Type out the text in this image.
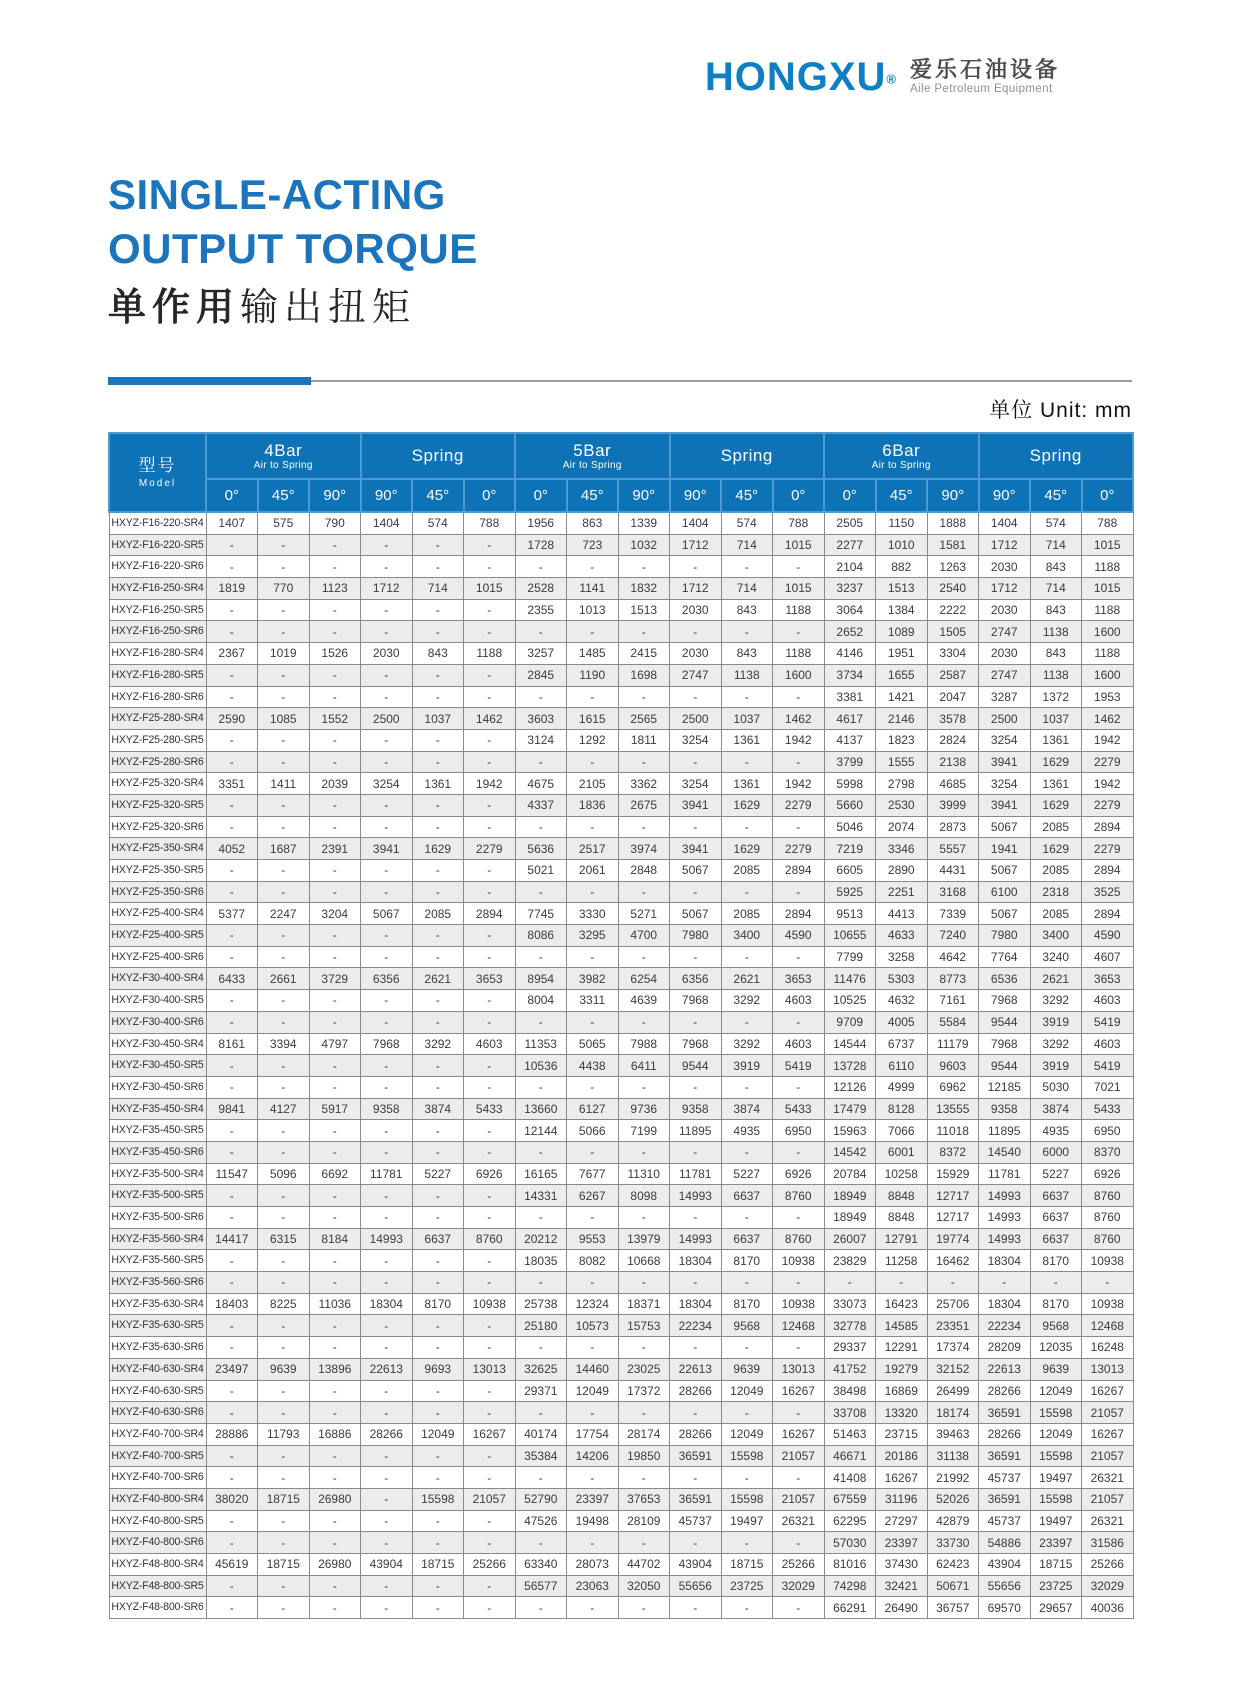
HONGXU® 爱乐石油设备
Aile Petroleum Equipment
SINGLE-ACTING
OUTPUT TORQUE
单作用输出扭矩
单位 Unit: mm
型号
Model

4Bar
Air to Spring

Spring	5Bar
Air to Spring

Spring	6Bar
Air to Spring

Spring

	0°	45°	90°	90°	45°	0°	0°	45°	90°	90°	45°	0°	0°	45°	90°	90°	45°	0°
HXYZ-F16-220-SR4	1407	575	790	1404	574	788	1956	863	1339	1404	574	788	2505	1150	1888	1404	574	788
HXYZ-F16-220-SR5	-	-	-	-	-	-	1728	723	1032	1712	714	1015	2277	1010	1581	1712	714	1015
HXYZ-F16-220-SR6	-	-	-	-	-	-	-	-	-	-	-	-	2104	882	1263	2030	843	1188
HXYZ-F16-250-SR4	1819	770	1123	1712	714	1015	2528	1141	1832	1712	714	1015	3237	1513	2540	1712	714	1015
HXYZ-F16-250-SR5	-	-	-	-	-	-	2355	1013	1513	2030	843	1188	3064	1384	2222	2030	843	1188
HXYZ-F16-250-SR6	-	-	-	-	-	-	-	-	-	-	-	-	2652	1089	1505	2747	1138	1600
HXYZ-F16-280-SR4	2367	1019	1526	2030	843	1188	3257	1485	2415	2030	843	1188	4146	1951	3304	2030	843	1188
HXYZ-F16-280-SR5	-	-	-	-	-	-	2845	1190	1698	2747	1138	1600	3734	1655	2587	2747	1138	1600
HXYZ-F16-280-SR6	-	-	-	-	-	-	-	-	-	-	-	-	3381	1421	2047	3287	1372	1953
HXYZ-F25-280-SR4	2590	1085	1552	2500	1037	1462	3603	1615	2565	2500	1037	1462	4617	2146	3578	2500	1037	1462
HXYZ-F25-280-SR5	-	-	-	-	-	-	3124	1292	1811	3254	1361	1942	4137	1823	2824	3254	1361	1942
HXYZ-F25-280-SR6	-	-	-	-	-	-	-	-	-	-	-	-	3799	1555	2138	3941	1629	2279
HXYZ-F25-320-SR4	3351	1411	2039	3254	1361	1942	4675	2105	3362	3254	1361	1942	5998	2798	4685	3254	1361	1942
HXYZ-F25-320-SR5	-	-	-	-	-	-	4337	1836	2675	3941	1629	2279	5660	2530	3999	3941	1629	2279
HXYZ-F25-320-SR6	-	-	-	-	-	-	-	-	-	-	-	-	5046	2074	2873	5067	2085	2894
HXYZ-F25-350-SR4	4052	1687	2391	3941	1629	2279	5636	2517	3974	3941	1629	2279	7219	3346	5557	1941	1629	2279
HXYZ-F25-350-SR5	-	-	-	-	-	-	5021	2061	2848	5067	2085	2894	6605	2890	4431	5067	2085	2894
HXYZ-F25-350-SR6	-	-	-	-	-	-	-	-	-	-	-	-	5925	2251	3168	6100	2318	3525
HXYZ-F25-400-SR4	5377	2247	3204	5067	2085	2894	7745	3330	5271	5067	2085	2894	9513	4413	7339	5067	2085	2894
HXYZ-F25-400-SR5	-	-	-	-	-	-	8086	3295	4700	7980	3400	4590	10655	4633	7240	7980	3400	4590
HXYZ-F25-400-SR6	-	-	-	-	-	-	-	-	-	-	-	-	7799	3258	4642	7764	3240	4607
HXYZ-F30-400-SR4	6433	2661	3729	6356	2621	3653	8954	3982	6254	6356	2621	3653	11476	5303	8773	6536	2621	3653
HXYZ-F30-400-SR5	-	-	-	-	-	-	8004	3311	4639	7968	3292	4603	10525	4632	7161	7968	3292	4603
HXYZ-F30-400-SR6	-	-	-	-	-	-	-	-	-	-	-	-	9709	4005	5584	9544	3919	5419
HXYZ-F30-450-SR4	8161	3394	4797	7968	3292	4603	11353	5065	7988	7968	3292	4603	14544	6737	11179	7968	3292	4603
HXYZ-F30-450-SR5	-	-	-	-	-	-	10536	4438	6411	9544	3919	5419	13728	6110	9603	9544	3919	5419
HXYZ-F30-450-SR6	-	-	-	-	-	-	-	-	-	-	-	-	12126	4999	6962	12185	5030	7021
HXYZ-F35-450-SR4	9841	4127	5917	9358	3874	5433	13660	6127	9736	9358	3874	5433	17479	8128	13555	9358	3874	5433
HXYZ-F35-450-SR5	-	-	-	-	-	-	12144	5066	7199	11895	4935	6950	15963	7066	11018	11895	4935	6950
HXYZ-F35-450-SR6	-	-	-	-	-	-	-	-	-	-	-	-	14542	6001	8372	14540	6000	8370
HXYZ-F35-500-SR4	11547	5096	6692	11781	5227	6926	16165	7677	11310	11781	5227	6926	20784	10258	15929	11781	5227	6926
HXYZ-F35-500-SR5	-	-	-	-	-	-	14331	6267	8098	14993	6637	8760	18949	8848	12717	14993	6637	8760
HXYZ-F35-500-SR6	-	-	-	-	-	-	-	-	-	-	-	-	18949	8848	12717	14993	6637	8760
HXYZ-F35-560-SR4	14417	6315	8184	14993	6637	8760	20212	9553	13979	14993	6637	8760	26007	12791	19774	14993	6637	8760
HXYZ-F35-560-SR5	-	-	-	-	-	-	18035	8082	10668	18304	8170	10938	23829	11258	16462	18304	8170	10938
HXYZ-F35-560-SR6	-	-	-	-	-	-	-	-	-	-	-	-	-	-	-	-	-	-
HXYZ-F35-630-SR4	18403	8225	11036	18304	8170	10938	25738	12324	18371	18304	8170	10938	33073	16423	25706	18304	8170	10938
HXYZ-F35-630-SR5	-	-	-	-	-	-	25180	10573	15753	22234	9568	12468	32778	14585	23351	22234	9568	12468
HXYZ-F35-630-SR6	-	-	-	-	-	-	-	-	-	-	-	-	29337	12291	17374	28209	12035	16248
HXYZ-F40-630-SR4	23497	9639	13896	22613	9693	13013	32625	14460	23025	22613	9639	13013	41752	19279	32152	22613	9639	13013
HXYZ-F40-630-SR5	-	-	-	-	-	-	29371	12049	17372	28266	12049	16267	38498	16869	26499	28266	12049	16267
HXYZ-F40-630-SR6	-	-	-	-	-	-	-	-	-	-	-	-	33708	13320	18174	36591	15598	21057
HXYZ-F40-700-SR4	28886	11793	16886	28266	12049	16267	40174	17754	28174	28266	12049	16267	51463	23715	39463	28266	12049	16267
HXYZ-F40-700-SR5	-	-	-	-	-	-	35384	14206	19850	36591	15598	21057	46671	20186	31138	36591	15598	21057
HXYZ-F40-700-SR6	-	-	-	-	-	-	-	-	-	-	-	-	41408	16267	21992	45737	19497	26321
HXYZ-F40-800-SR4	38020	18715	26980	-	15598	21057	52790	23397	37653	36591	15598	21057	67559	31196	52026	36591	15598	21057
HXYZ-F40-800-SR5	-	-	-	-	-	-	47526	19498	28109	45737	19497	26321	62295	27297	42879	45737	19497	26321
HXYZ-F40-800-SR6	-	-	-	-	-	-	-	-	-	-	-	-	57030	23397	33730	54886	23397	31586
HXYZ-F48-800-SR4	45619	18715	26980	43904	18715	25266	63340	28073	44702	43904	18715	25266	81016	37430	62423	43904	18715	25266
HXYZ-F48-800-SR5	-	-	-	-	-	-	56577	23063	32050	55656	23725	32029	74298	32421	50671	55656	23725	32029
HXYZ-F48-800-SR6	-	-	-	-	-	-	-	-	-	-	-	-	66291	26490	36757	69570	29657	40036
